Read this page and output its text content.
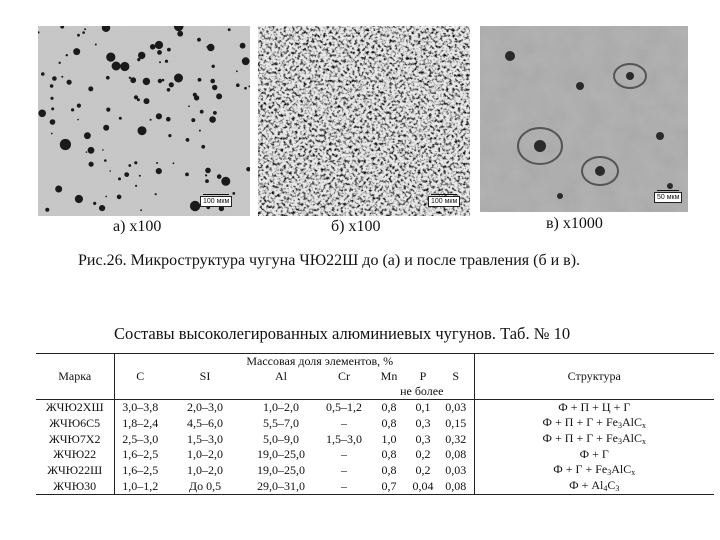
100 мкм	100 мкм
50 мкм
а) х100	б) х100	в) х1000
Рис.26. Микроструктура чугуна ЧЮ22Ш до (а) и после травления (б и в).
Составы высоколегированных алюминиевых чугунов. Таб. № 10
		Массовая доля элементов, %						
Марка	C	SI	Al	Cr	Mn	P	S	Структура
					не более			
ЖЧЮ2ХШ	3,0–3,8	2,0–3,0	1,0–2,0	0,5–1,2	0,8	0,1	0,03	Ф + П + Ц + Г
ЖЧЮ6С5	1,8–2,4	4,5–6,0	5,5–7,0	–	0,8	0,3	0,15	Ф + П + Г + Fe3AlCx
ЖЧЮ7Х2	2,5–3,0	1,5–3,0	5,0–9,0	1,5–3,0	1,0	0,3	0,32	Ф + П + Г + Fe3AlCx
ЖЧЮ22	1,6–2,5	1,0–2,0	19,0–25,0	–	0,8	0,2	0,08	Ф + Г
ЖЧЮ22Ш	1,6–2,5	1,0–2,0	19,0–25,0	–	0,8	0,2	0,03	Ф + Г + Fe3AlCx
ЖЧЮ30	1,0–1,2	До 0,5	29,0–31,0	–	0,7	0,04	0,08	Ф + Al4C3
